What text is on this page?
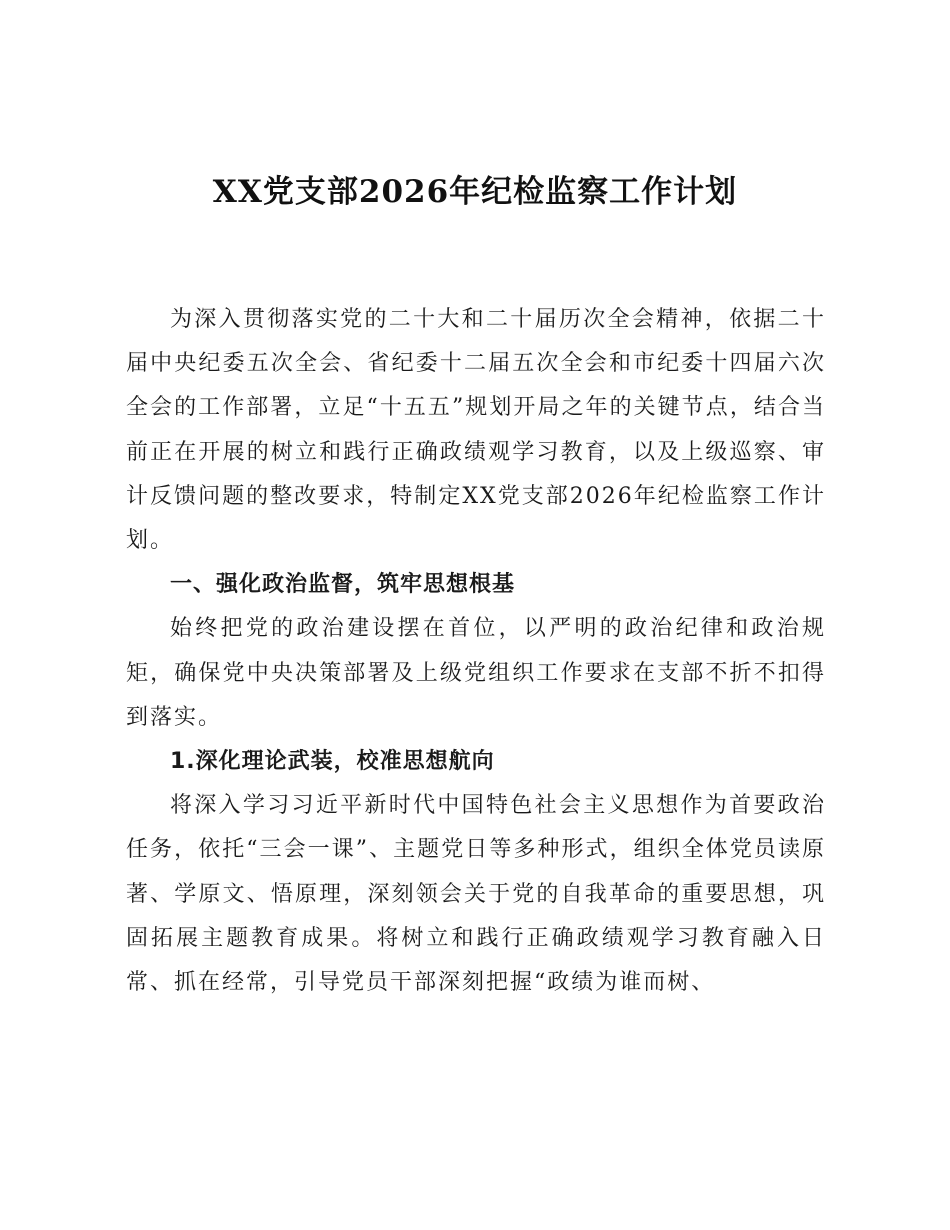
XX党支部2026年纪检监察工作计划

为深入贯彻落实党的二十大和二十届历次全会精神，依据二十届中央纪委五次全会、省纪委十二届五次全会和市纪委十四届六次全会的工作部署，立足“十五五”规划开局之年的关键节点，结合当前正在开展的树立和践行正确政绩观学习教育，以及上级巡察、审计反馈问题的整改要求，特制定XX党支部2026年纪检监察工作计划。

一、强化政治监督，筑牢思想根基

始终把党的政治建设摆在首位，以严明的政治纪律和政治规矩，确保党中央决策部署及上级党组织工作要求在支部不折不扣得到落实。

1.深化理论武装，校准思想航向

将深入学习习近平新时代中国特色社会主义思想作为首要政治任务，依托“三会一课”、主题党日等多种形式，组织全体党员读原著、学原文、悟原理，深刻领会关于党的自我革命的重要思想，巩固拓展主题教育成果。将树立和践行正确政绩观学习教育融入日常、抓在经常，引导党员干部深刻把握“政绩为谁而树、
